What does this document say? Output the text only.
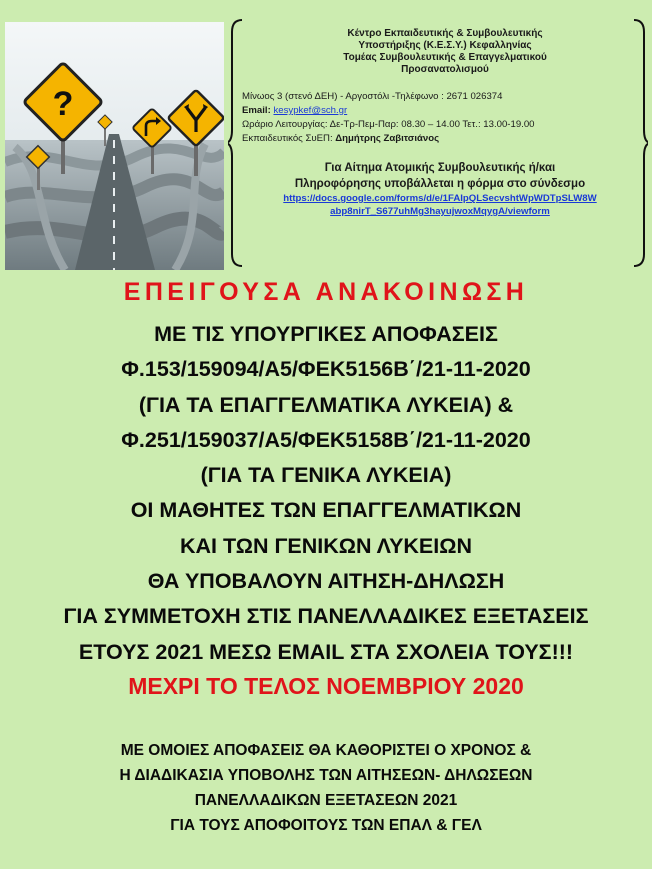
?
Κέντρο Εκπαιδευτικής & Συμβουλευτικής
Υποστήριξης (Κ.Ε.Σ.Υ.) Κεφαλληνίας
Τομέας Συμβουλευτικής & Επαγγελματικού
Προσανατολισμού
Μίνωος 3 (στενό ΔΕΗ) - Αργοστόλι -Τηλέφωνο : 2671 026374
Email: kesypkef@sch.gr
Ωράριο Λειτουργίας: Δε-Τρ-Πεμ-Παρ: 08.30 – 14.00 Τετ.: 13.00-19.00
Εκπαιδευτικός ΣυΕΠ: Δημήτρης Ζαβιτσιάνος
Για Αίτημα Ατομικής Συμβουλευτικής ή/και
Πληροφόρησης υποβάλλεται η φόρμα στο σύνδεσμο
https://docs.google.com/forms/d/e/1FAIpQLSecvshtWpWDTpSLW8W
abp8nirT_S677uhMg3hayujwoxMqygA/viewform
ΕΠΕΙΓΟΥΣΑ ΑΝΑΚΟΙΝΩΣΗ
ΜΕ ΤΙΣ ΥΠΟΥΡΓΙΚΕΣ ΑΠΟΦΑΣΕΙΣ
Φ.153/159094/Α5/ΦΕΚ5156Β΄/21-11-2020
(ΓΙΑ ΤΑ ΕΠΑΓΓΕΛΜΑΤΙΚΑ ΛΥΚΕΙΑ) &
Φ.251/159037/Α5/ΦΕΚ5158Β΄/21-11-2020
(ΓΙΑ ΤΑ ΓΕΝΙΚΑ ΛΥΚΕΙΑ)
ΟΙ ΜΑΘΗΤΕΣ ΤΩΝ ΕΠΑΓΓΕΛΜΑΤΙΚΩΝ
ΚΑΙ ΤΩΝ ΓΕΝΙΚΩΝ ΛΥΚΕΙΩΝ
ΘΑ ΥΠΟΒΑΛΟΥΝ ΑΙΤΗΣΗ-ΔΗΛΩΣΗ
ΓΙΑ ΣΥΜΜΕΤΟΧΗ ΣΤΙΣ ΠΑΝΕΛΛΑΔΙΚΕΣ ΕΞΕΤΑΣΕΙΣ
ΕΤΟΥΣ 2021 ΜΕΣΩ EMAIL ΣΤΑ ΣΧΟΛΕΙΑ ΤΟΥΣ!!!
ΜΕΧΡΙ ΤΟ ΤΕΛΟΣ ΝΟΕΜΒΡΙΟΥ 2020
ΜΕ ΟΜΟΙΕΣ ΑΠΟΦΑΣΕΙΣ ΘΑ ΚΑΘΟΡΙΣΤΕΙ Ο ΧΡΟΝΟΣ &
Η ΔΙΑΔΙΚΑΣΙΑ ΥΠΟΒΟΛΗΣ ΤΩΝ ΑΙΤΗΣΕΩΝ- ΔΗΛΩΣΕΩΝ
ΠΑΝΕΛΛΑΔΙΚΩΝ ΕΞΕΤΑΣΕΩΝ 2021
ΓΙΑ ΤΟΥΣ ΑΠΟΦΟΙΤΟΥΣ ΤΩΝ ΕΠΑΛ & ΓΕΛ
